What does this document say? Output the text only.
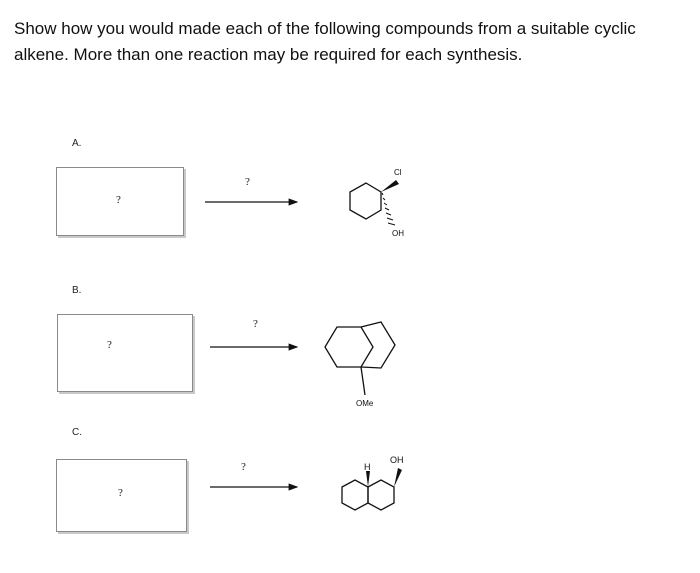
Show how you would made each of the following compounds from a suitable cyclic
alkene. More than one reaction may be required for each synthesis.
A.
?
?
B.
?
?
C.
?
?
Cl
OH
OMe
H
OH
